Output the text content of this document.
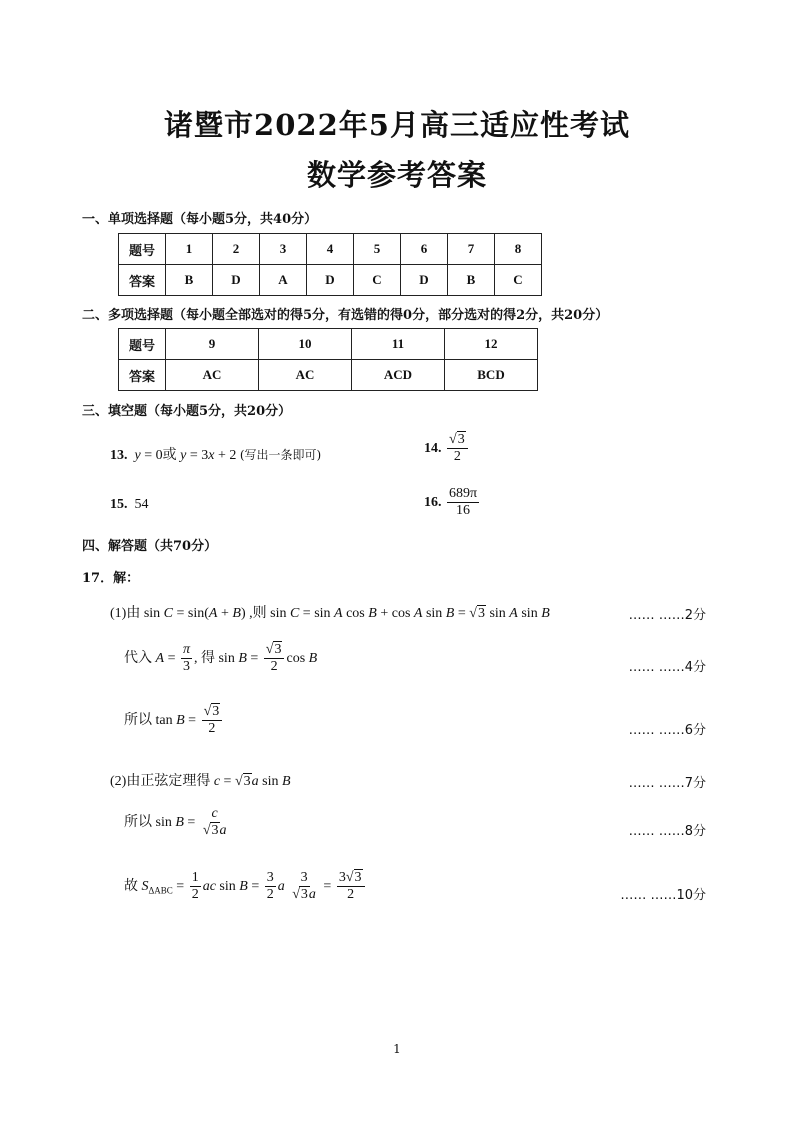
诸暨市2022年5月高三适应性考试
数学参考答案
一、单项选择题（每小题5分，共40分）
题号	1	2	3	4	5	6	7	8
答案	B	D	A	D	C	D	B	C
二、多项选择题（每小题全部选对的得5分，有选错的得0分，部分选对的得2分，共20分）
题号	9	10	11	12
答案	AC	AC	ACD	BCD
三、填空题（每小题5分，共20分）
13. y = 0或 y = 3x + 2 (写出一条即可)	14. $\frac{√3}{2}$
15. 54	16. $\frac{689\pi}{16}$
四、解答题（共70分）
17．解：
(1)由 sin C = sin(A + B) ,则 sin C = sin A cos B + cos A sin B = √3 sin A sin B	…… ……2分
代入 $A = \frac{\pi}{3}$ , 得 $\sin B = \frac{√3}{2}$ cos B
…… ……4分
所以 $\tan B = \frac{√3}{2}$	…… ……6分
(2)由正弦定理得 c = √3a sin B	…… ……7分
所以 $\sin B = \frac{c}{√3a}$	…… ……8分
故 $S_{\Delta ABC} = \frac{1}{2}$ ac $\sin B = \frac{3}{2}$ a $\frac{3}{√3a} = \frac{3√3}{2}$	…… ……10分
1
